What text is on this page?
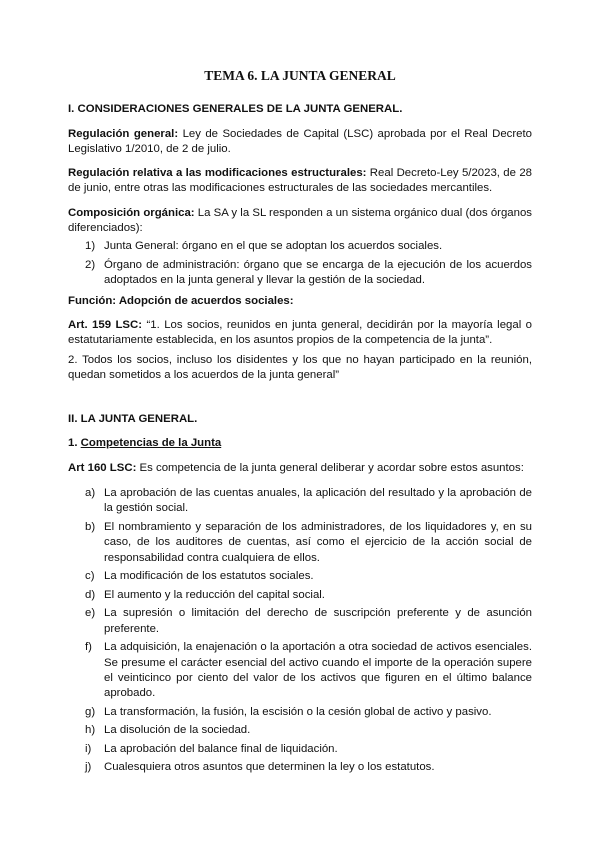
TEMA 6. LA JUNTA GENERAL

I. CONSIDERACIONES GENERALES DE LA JUNTA GENERAL.

Regulación general: Ley de Sociedades de Capital (LSC) aprobada por el Real Decreto Legislativo 1/2010, de 2 de julio.

Regulación relativa a las modificaciones estructurales: Real Decreto-Ley 5/2023, de 28 de junio, entre otras las modificaciones estructurales de las sociedades mercantiles.

Composición orgánica: La SA y la SL responden a un sistema orgánico dual (dos órganos diferenciados):

1) Junta General: órgano en el que se adoptan los acuerdos sociales.
2) Órgano de administración: órgano que se encarga de la ejecución de los acuerdos adoptados en la junta general y llevar la gestión de la sociedad.

Función: Adopción de acuerdos sociales:

Art. 159 LSC: “1. Los socios, reunidos en junta general, decidirán por la mayoría legal o estatutariamente establecida, en los asuntos propios de la competencia de la junta”.

2. Todos los socios, incluso los disidentes y los que no hayan participado en la reunión, quedan sometidos a los acuerdos de la junta general”

II. LA JUNTA GENERAL.

1. Competencias de la Junta

Art 160 LSC: Es competencia de la junta general deliberar y acordar sobre estos asuntos:

a) La aprobación de las cuentas anuales, la aplicación del resultado y la aprobación de la gestión social.
b) El nombramiento y separación de los administradores, de los liquidadores y, en su caso, de los auditores de cuentas, así como el ejercicio de la acción social de responsabilidad contra cualquiera de ellos.
c) La modificación de los estatutos sociales.
d) El aumento y la reducción del capital social.
e) La supresión o limitación del derecho de suscripción preferente y de asunción preferente.
f) La adquisición, la enajenación o la aportación a otra sociedad de activos esenciales. Se presume el carácter esencial del activo cuando el importe de la operación supere el veinticinco por ciento del valor de los activos que figuren en el último balance aprobado.
g) La transformación, la fusión, la escisión o la cesión global de activo y pasivo.
h) La disolución de la sociedad.
i) La aprobación del balance final de liquidación.
j) Cualesquiera otros asuntos que determinen la ley o los estatutos.
